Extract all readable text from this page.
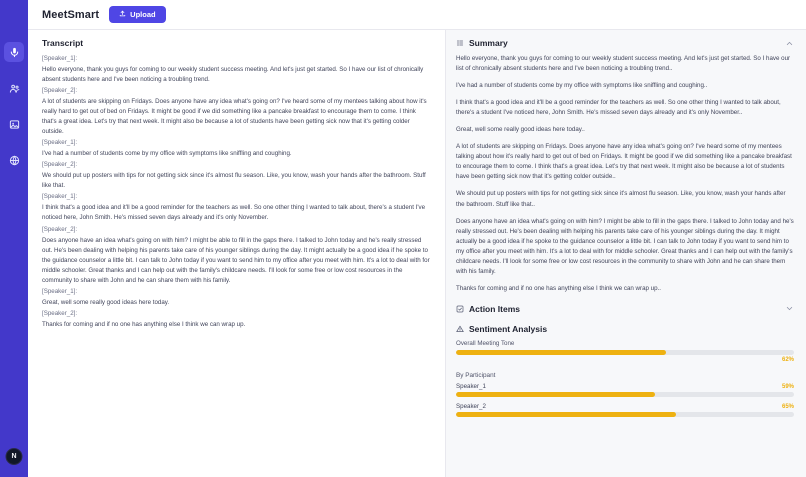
N
MeetSmart	Upload
Transcript
[Speaker_1]:
Hello everyone, thank you guys for coming to our weekly student success meeting. And let's just get started. So I have our list of chronically absent students here and I've been noticing a troubling trend.
[Speaker_2]:
A lot of students are skipping on Fridays. Does anyone have any idea what's going on? I've heard some of my mentees talking about how it's really hard to get out of bed on Fridays. It might be good if we did something like a pancake breakfast to encourage them to come. I think that's a great idea. Let's try that next week. It might also be because a lot of students have been getting sick now that it's getting colder outside.
[Speaker_1]:
I've had a number of students come by my office with symptoms like sniffling and coughing.
[Speaker_2]:
We should put up posters with tips for not getting sick since it's almost flu season. Like, you know, wash your hands after the bathroom. Stuff like that.
[Speaker_1]:
I think that's a good idea and it'll be a good reminder for the teachers as well. So one other thing I wanted to talk about, there's a student I've noticed here, John Smith. He's missed seven days already and it's only November.
[Speaker_2]:
Does anyone have an idea what's going on with him? I might be able to fill in the gaps there. I talked to John today and he's really stressed out. He's been dealing with helping his parents take care of his younger siblings during the day. It might actually be a good idea if he spoke to the guidance counselor a little bit. I can talk to John today if you want to send him to my office after you meet with him. It's a lot to deal with for middle schooler. Great thanks and I can help out with the family's childcare needs. I'll look for some free or low cost resources in the community to share with John and he can share them with his family.
[Speaker_1]:
Great, well some really good ideas here today.
[Speaker_2]:
Thanks for coming and if no one has anything else I think we can wrap up.
Summary
Hello everyone, thank you guys for coming to our weekly student success meeting. And let's just get started. So I have our list of chronically absent students here and I've been noticing a troubling trend..
I've had a number of students come by my office with symptoms like sniffling and coughing..
I think that's a good idea and it'll be a good reminder for the teachers as well. So one other thing I wanted to talk about, there's a student I've noticed here, John Smith. He's missed seven days already and it's only November..
Great, well some really good ideas here today..
A lot of students are skipping on Fridays. Does anyone have any idea what's going on? I've heard some of my mentees talking about how it's really hard to get out of bed on Fridays. It might be good if we did something like a pancake breakfast to encourage them to come. I think that's a great idea. Let's try that next week. It might also be because a lot of students have been getting sick now that it's getting colder outside..
We should put up posters with tips for not getting sick since it's almost flu season. Like, you know, wash your hands after the bathroom. Stuff like that..
Does anyone have an idea what's going on with him? I might be able to fill in the gaps there. I talked to John today and he's really stressed out. He's been dealing with helping his parents take care of his younger siblings during the day. It might actually be a good idea if he spoke to the guidance counselor a little bit. I can talk to John today if you want to send him to my office after you meet with him. It's a lot to deal with for middle schooler. Great thanks and I can help out with the family's childcare needs. I'll look for some free or low cost resources in the community to share with John and he can share them with his family.
Thanks for coming and if no one has anything else I think we can wrap up..
Action Items
Sentiment Analysis
Overall Meeting Tone
62%
By Participant
Speaker_1	59%
Speaker_2	65%
